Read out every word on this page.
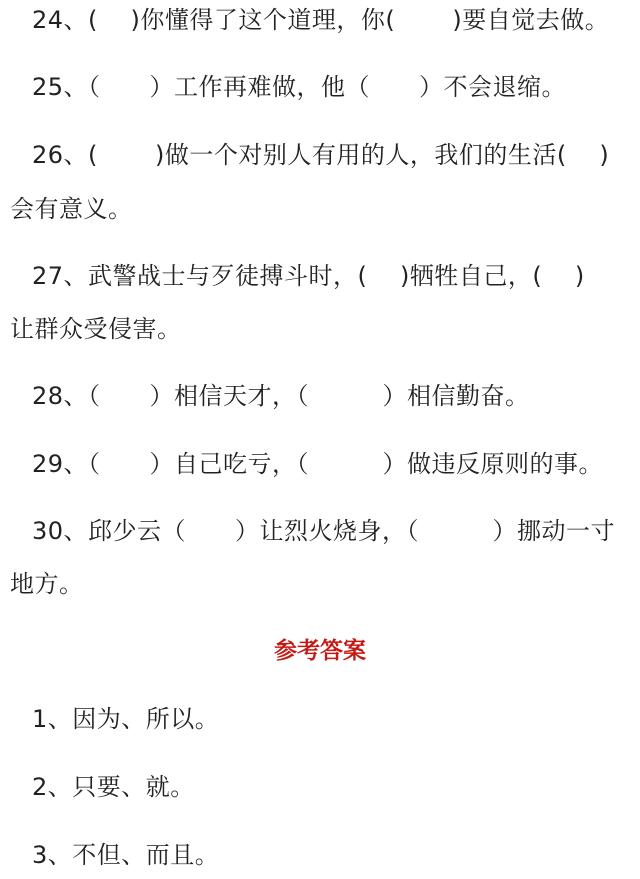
24、(　 )你懂得了这个道理，你(　　 )要自觉去做。
25、（　　）工作再难做，他（　　）不会退缩。
26、(　　 )做一个对别人有用的人，我们的生活(　 )
会有意义。
27、武警战士与歹徒搏斗时，(　 )牺牲自己，(　 )
让群众受侵害。
28、（　　）相信天才，（　　　）相信勤奋。
29、（　　）自己吃亏，（　　　）做违反原则的事。
30、邱少云（　　）让烈火烧身，（　　　）挪动一寸
地方。
参考答案
1、因为、所以。
2、只要、就。
3、不但、而且。
